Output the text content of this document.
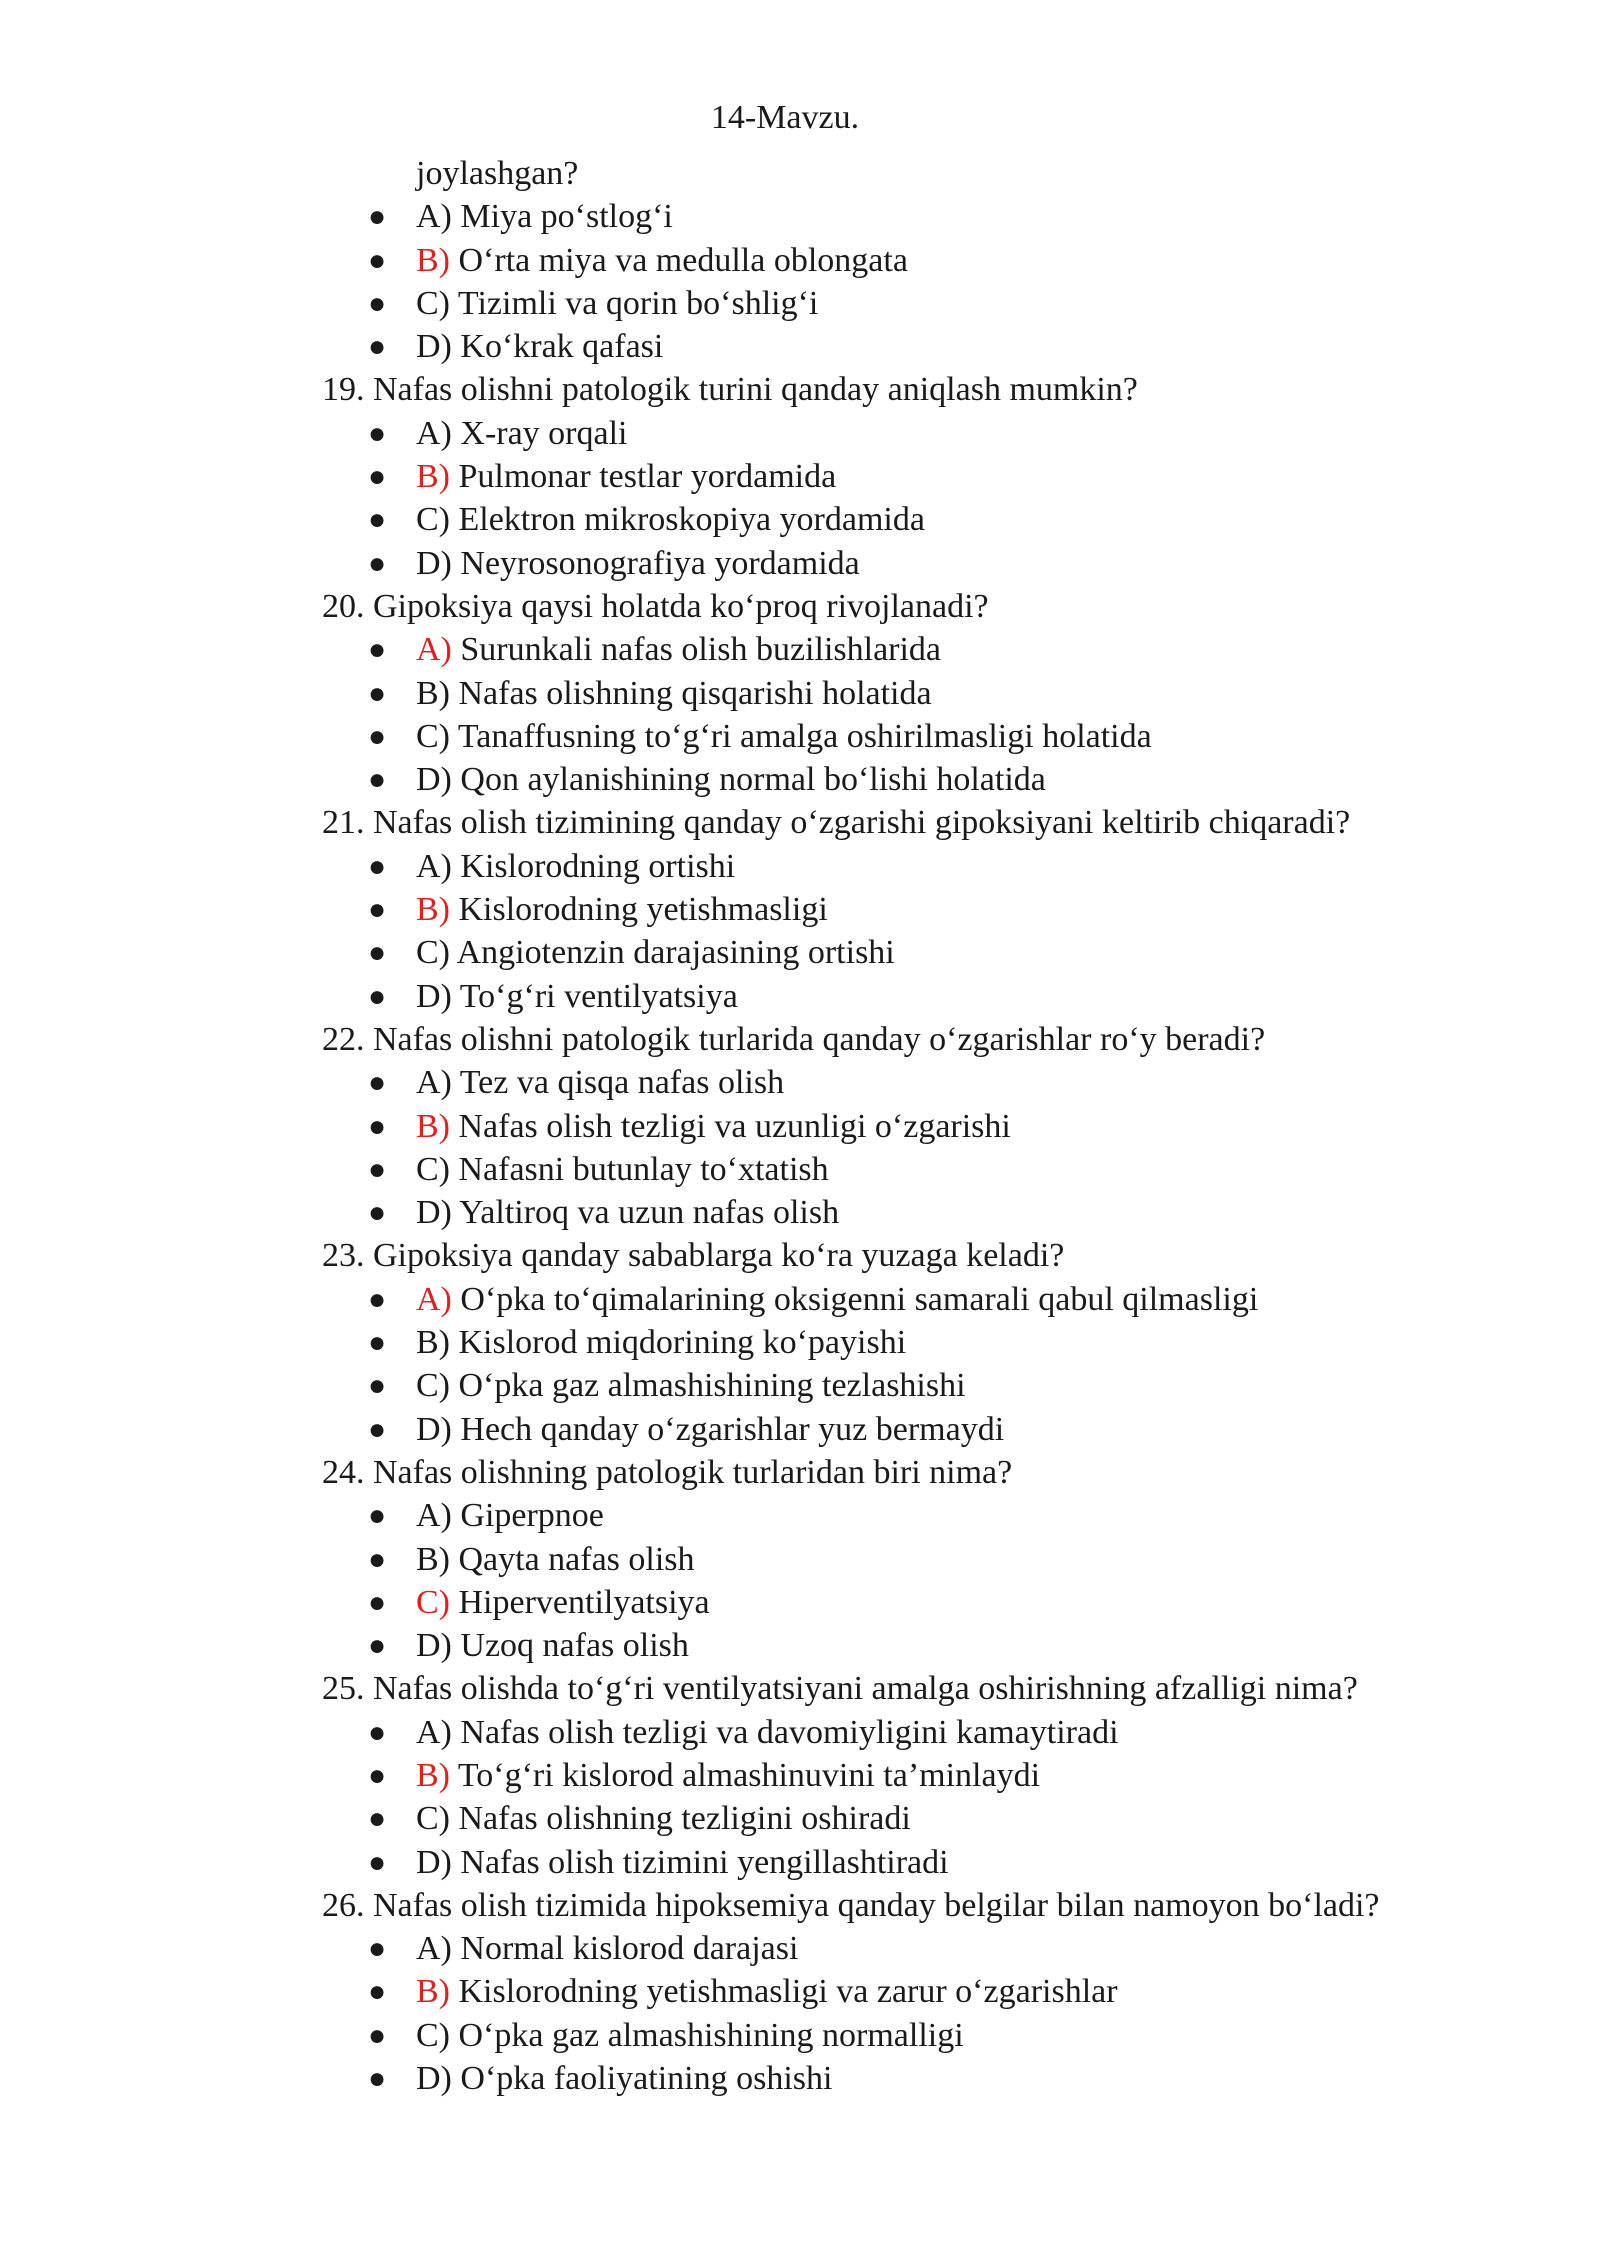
14-Mavzu.

joylashgan?

● A) Miya po‘stlog‘i
● B) O‘rta miya va medulla oblongata
● C) Tizimli va qorin bo‘shlig‘i
● D) Ko‘krak qafasi

19. Nafas olishni patologik turini qanday aniqlash mumkin?

● A) X-ray orqali
● B) Pulmonar testlar yordamida
● C) Elektron mikroskopiya yordamida
● D) Neyrosonografiya yordamida

20. Gipoksiya qaysi holatda ko‘proq rivojlanadi?

● A) Surunkali nafas olish buzilishlarida
● B) Nafas olishning qisqarishi holatida
● C) Tanaffusning to‘g‘ri amalga oshirilmasligi holatida
● D) Qon aylanishining normal bo‘lishi holatida

21. Nafas olish tizimining qanday o‘zgarishi gipoksiyani keltirib chiqaradi?

● A) Kislorodning ortishi
● B) Kislorodning yetishmasligi
● C) Angiotenzin darajasining ortishi
● D) To‘g‘ri ventilyatsiya

22. Nafas olishni patologik turlarida qanday o‘zgarishlar ro‘y beradi?

● A) Tez va qisqa nafas olish
● B) Nafas olish tezligi va uzunligi o‘zgarishi
● C) Nafasni butunlay to‘xtatish
● D) Yaltiroq va uzun nafas olish

23. Gipoksiya qanday sabablarga ko‘ra yuzaga keladi?

● A) O‘pka to‘qimalarining oksigenni samarali qabul qilmasligi
● B) Kislorod miqdorining ko‘payishi
● C) O‘pka gaz almashishining tezlashishi
● D) Hech qanday o‘zgarishlar yuz bermaydi

24. Nafas olishning patologik turlaridan biri nima?

● A) Giperpnoe
● B) Qayta nafas olish
● C) Hiperventilyatsiya
● D) Uzoq nafas olish

25. Nafas olishda to‘g‘ri ventilyatsiyani amalga oshirishning afzalligi nima?

● A) Nafas olish tezligi va davomiyligini kamaytiradi
● B) To‘g‘ri kislorod almashinuvini ta’minlaydi
● C) Nafas olishning tezligini oshiradi
● D) Nafas olish tizimini yengillashtiradi

26. Nafas olish tizimida hipoksemiya qanday belgilar bilan namoyon bo‘ladi?

● A) Normal kislorod darajasi
● B) Kislorodning yetishmasligi va zarur o‘zgarishlar
● C) O‘pka gaz almashishining normalligi
● D) O‘pka faoliyatining oshishi
